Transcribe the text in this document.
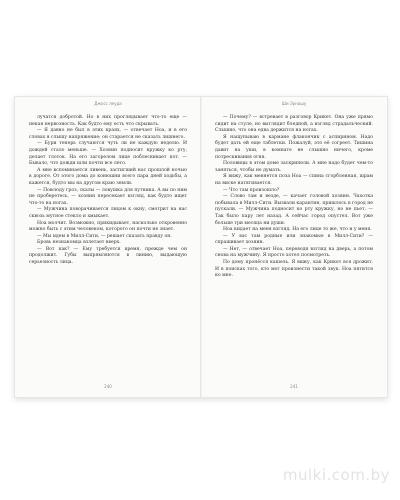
Джосс леуда

лучатся добротой. Но в них проглядывает что-то еще — некая нервозность. Как будто ему есть что скрывать.

— Я давно не был в этих краях, — отвечает Ноа, и в его словах я слышу напряжение: он старается не сказать лишнего.

— Бури теперь случаются чуть ли не каждую неделю. И дождей стало меньше. — Хозяин подносит кружку ко рту, делает глоток. На его загорелом лице поблескивает пот. — Бывало, что дожди шли почти все лето.

А мне вспоминается ливень, застигший нас прошлой ночью в дороге. От этого дома до конюшни всего пара дней ходьбы, а кажется, будто мы на другом краю земли.

— Повсюду гроз, скалы — ловушка для путника. А вы по ним не проберетесь, — хозяин пересекает взгляд, как будто ищет что-то на ногах.

— Мужчина поворачивается лицом к окну, смотрит на нас сквозь мутное стекло и хмыкает.

Ноа молчит. Возможно, прикидывает, насколько откровенно можно быть с этим человеком, которого он почти не знает.

— Мы идем в Милл-Сити, — решает сказать правду он.

Бровь незнакомца взлетает вверх.

— Вот как? — Ему требуется время, прежде чем он продолжит. Губы выпрямляются в линию, выдающую серьезность лица.

240
Ши Эрнашу

— Почему? — встревает в разговор Крикет. Она уже прямо сидит на стуле, но выглядит бледной, а взгляд страдальческий. Слышно, что она едва держится на ногах.

Я нащупываю в кармане флакончик с аспирином. Надо будет дать ей еще таблетки. Пожалуй, это её согреет. Тишина давит на уши, в комнате не слышно ничего, кроме потрескивания огня.

Половицы в этом доме заскрипели. А мне надо будет чем-то заняться, чтобы не думать.

Я вижу, как меняется поза Ноа — спина сгорбленная, шрам на виске натягивается.

— Что там произошло?

— Слово там и везде, — качает головой хозяин. Чахотка побывала в Милл-Сити. Вызвали карантин, пришлось в город не пускали. — Мужчина подносит ко рту кружку, но не пьет. — Так было пару лет назад. А сейчас город опустел. Вот уже больше три месяца ни души.

Ноа кидает на меня взгляд. На его лице то же, что и у меня.

— У вас там родные или знакомые в Милл-Сити? — спрашивает хозяин.

— Нет, — отвечает Ноа, переводя взгляд на дверь, а потом снова на мужчину. Я просто хотел посмотреть.

По дому пронёсся кашель. Я вижу, как Крикет вся дрожит. И в поисках того, кто мог произнести такой звук. Ноа пятится ко мне.

241
mulki.com.by
